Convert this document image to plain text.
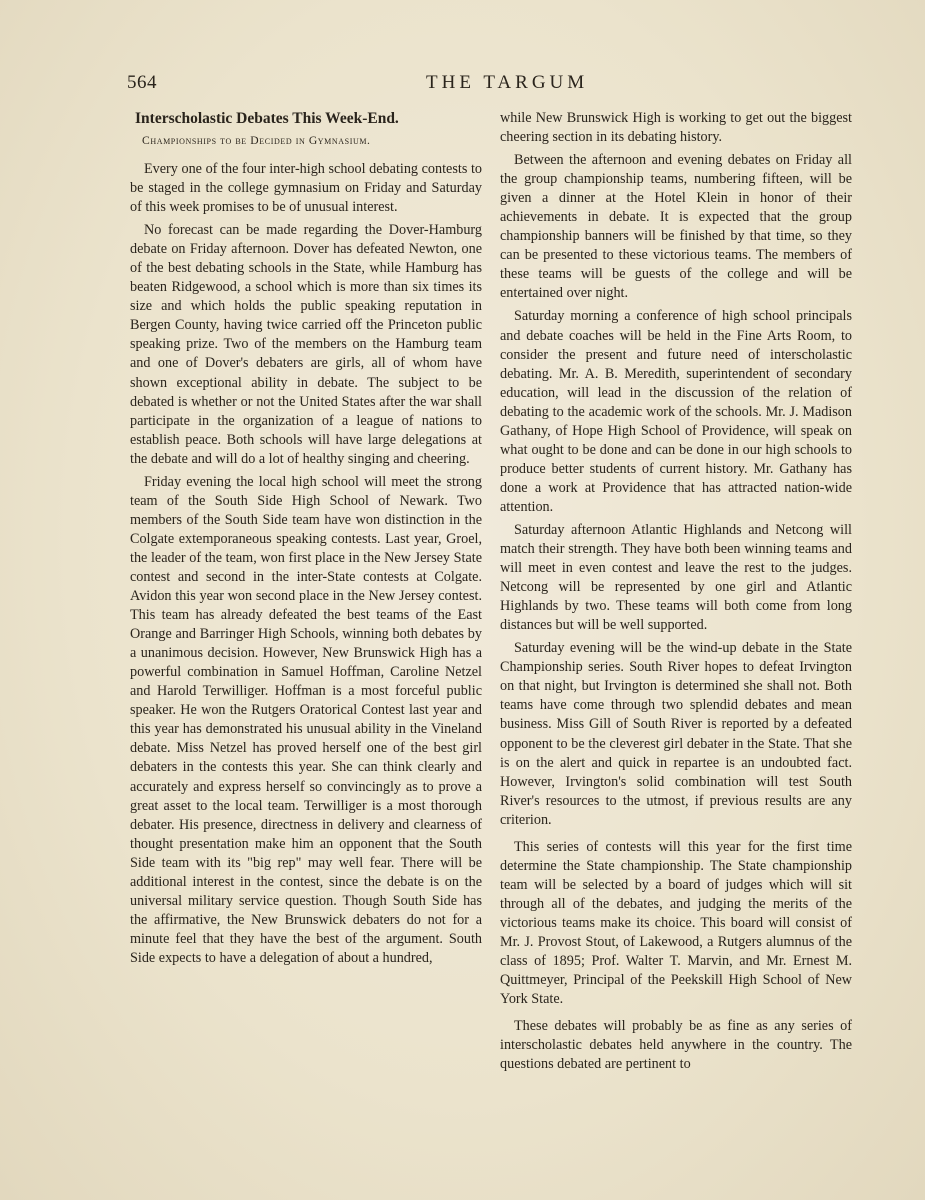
564	THE TARGUM
Interscholastic Debates This Week-End.
Championships to be Decided in Gymnasium.

Every one of the four inter-high school debating contests to be staged in the college gymnasium on Friday and Saturday of this week promises to be of unusual interest.

No forecast can be made regarding the Dover-Hamburg debate on Friday afternoon. Dover has defeated Newton, one of the best debating schools in the State, while Hamburg has beaten Ridgewood, a school which is more than six times its size and which holds the public speaking reputation in Bergen County, having twice carried off the Princeton public speaking prize. Two of the members on the Hamburg team and one of Dover's debaters are girls, all of whom have shown exceptional ability in debate. The subject to be debated is whether or not the United States after the war shall participate in the organization of a league of nations to establish peace. Both schools will have large delegations at the debate and will do a lot of healthy singing and cheering.

Friday evening the local high school will meet the strong team of the South Side High School of Newark. Two members of the South Side team have won distinction in the Colgate extemporaneous speaking contests. Last year, Groel, the leader of the team, won first place in the New Jersey State contest and second in the inter-State contests at Colgate. Avidon this year won second place in the New Jersey contest. This team has already defeated the best teams of the East Orange and Barringer High Schools, winning both debates by a unanimous decision. However, New Brunswick High has a powerful combination in Samuel Hoffman, Caroline Netzel and Harold Terwilliger. Hoffman is a most forceful public speaker. He won the Rutgers Oratorical Contest last year and this year has demonstrated his unusual ability in the Vineland debate. Miss Netzel has proved herself one of the best girl debaters in the contests this year. She can think clearly and accurately and express herself so convincingly as to prove a great asset to the local team. Terwilliger is a most thorough debater. His presence, directness in delivery and clearness of thought presentation make him an opponent that the South Side team with its "big rep" may well fear. There will be additional interest in the contest, since the debate is on the universal military service question. Though South Side has the affirmative, the New Brunswick debaters do not for a minute feel that they have the best of the argument. South Side expects to have a delegation of about a hundred,

while New Brunswick High is working to get out the biggest cheering section in its debating history.

Between the afternoon and evening debates on Friday all the group championship teams, numbering fifteen, will be given a dinner at the Hotel Klein in honor of their achievements in debate. It is expected that the group championship banners will be finished by that time, so they can be presented to these victorious teams. The members of these teams will be guests of the college and will be entertained over night.

Saturday morning a conference of high school principals and debate coaches will be held in the Fine Arts Room, to consider the present and future need of interscholastic debating. Mr. A. B. Meredith, superintendent of secondary education, will lead in the discussion of the relation of debating to the academic work of the schools. Mr. J. Madison Gathany, of Hope High School of Providence, will speak on what ought to be done and can be done in our high schools to produce better students of current history. Mr. Gathany has done a work at Providence that has attracted nation-wide attention.

Saturday afternoon Atlantic Highlands and Netcong will match their strength. They have both been winning teams and will meet in even contest and leave the rest to the judges. Netcong will be represented by one girl and Atlantic Highlands by two. These teams will both come from long distances but will be well supported.

Saturday evening will be the wind-up debate in the State Championship series. South River hopes to defeat Irvington on that night, but Irvington is determined she shall not. Both teams have come through two splendid debates and mean business. Miss Gill of South River is reported by a defeated opponent to be the cleverest girl debater in the State. That she is on the alert and quick in repartee is an undoubted fact. However, Irvington's solid combination will test South River's resources to the utmost, if previous results are any criterion.

This series of contests will this year for the first time determine the State championship. The State championship team will be selected by a board of judges which will sit through all of the debates, and judging the merits of the victorious teams make its choice. This board will consist of Mr. J. Provost Stout, of Lakewood, a Rutgers alumnus of the class of 1895; Prof. Walter T. Marvin, and Mr. Ernest M. Quittmeyer, Principal of the Peekskill High School of New York State.

These debates will probably be as fine as any series of interscholastic debates held anywhere in the country. The questions debated are pertinent to
